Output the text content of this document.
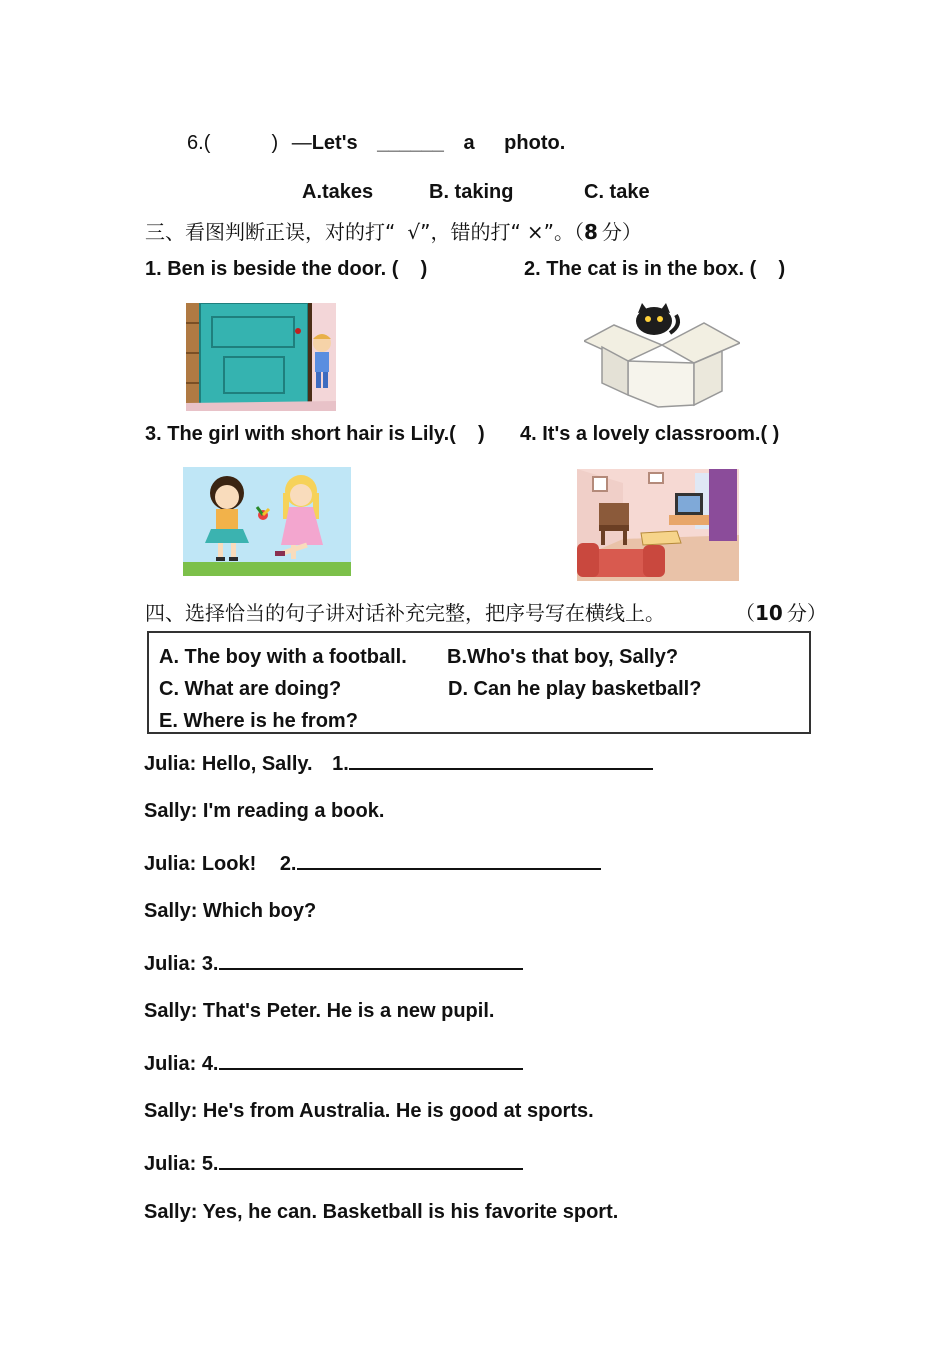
6.(	) —Let's ______ a photo.
A.takes	B. taking	C. take
三、看图判断正误，对的打“ √”，错的打“ ×”。（8 分）
1. Ben is beside the door. (    )	2. The cat is in the box. (    )
3. The girl with short hair is Lily.(    ) 4. It's a lovely classroom.( )
四、选择恰当的句子讲对话补充完整，把序号写在横线上。	（10 分）
A. The boy with a football. B.Who's that boy, Sally?
C. What are doing?	D. Can he play basketball?
E. Where is he from?
Julia: Hello, Sally. 1.
Sally: I'm reading a book.
Julia: Look! 2.
Sally: Which boy?
Julia: 3.
Sally: That's Peter. He is a new pupil.
Julia: 4.
Sally: He's from Australia. He is good at sports.
Julia: 5.
Sally: Yes, he can. Basketball is his favorite sport.
